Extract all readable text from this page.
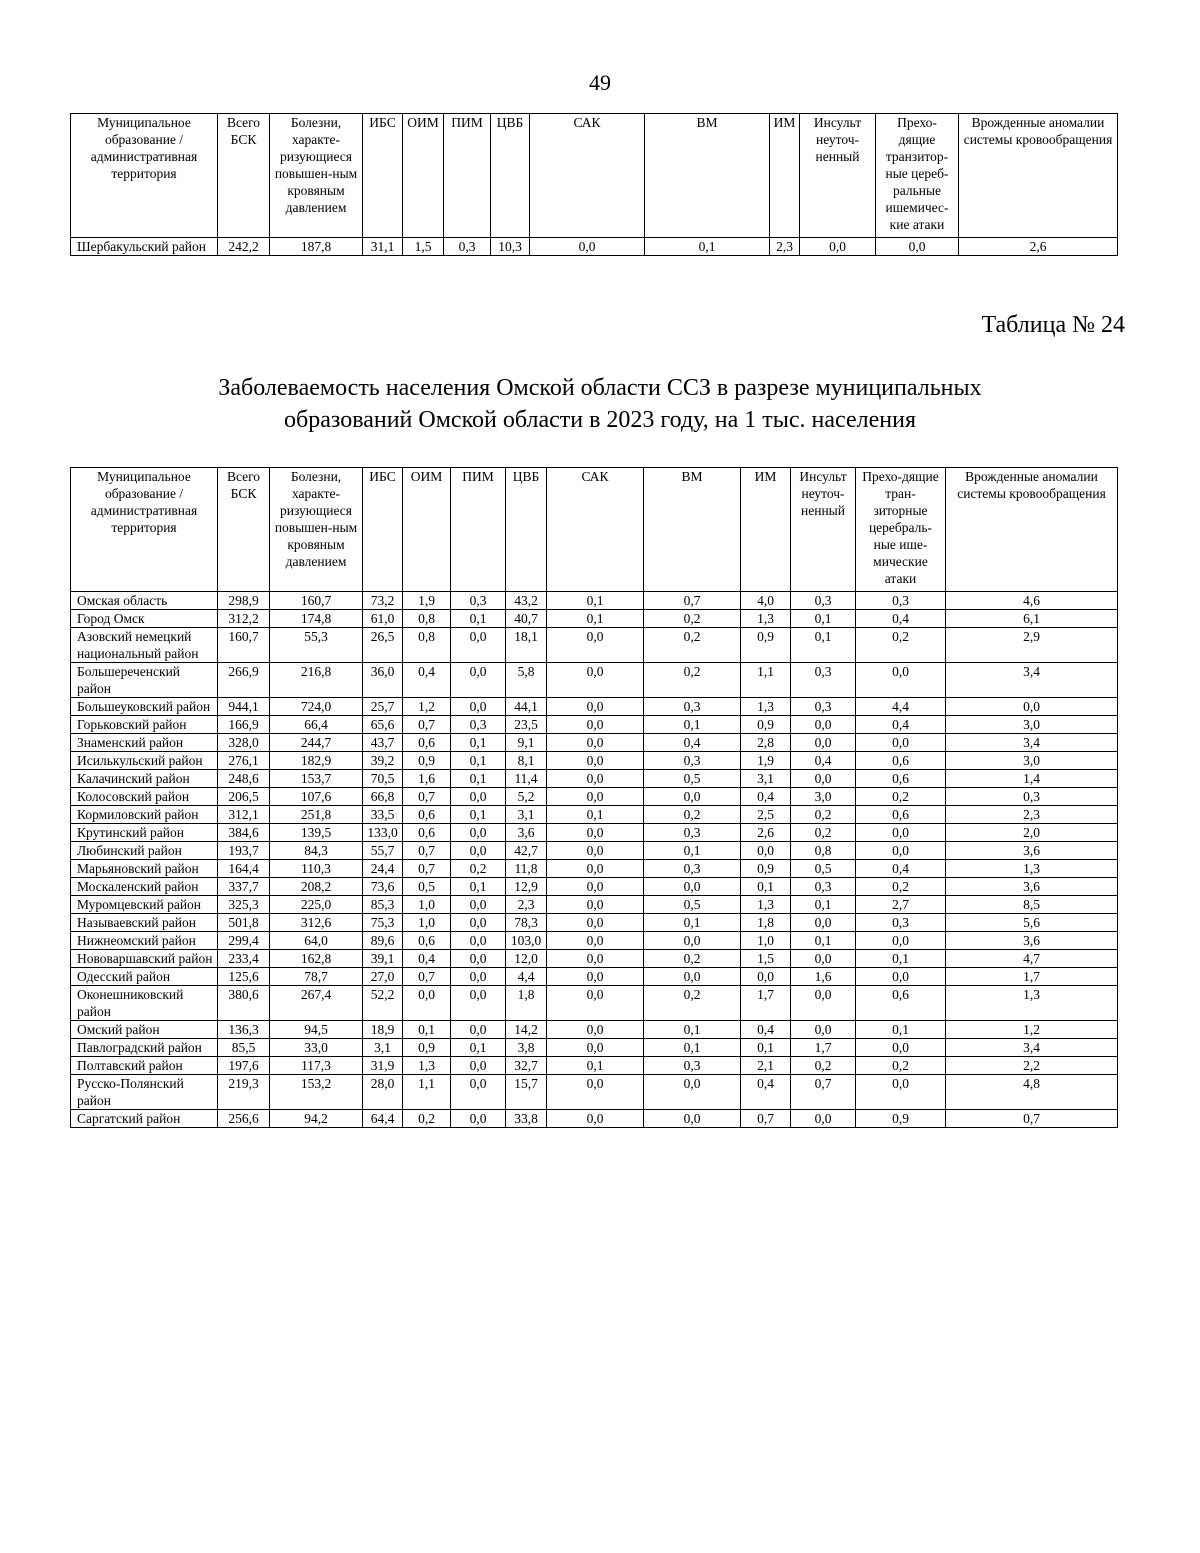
49
Муниципальное образование / административная территория	Всего БСК	Болезни, характе-ризующиеся повышен-ным кровяным давлением	ИБС	ОИМ	ПИМ	ЦВБ	САК	ВМ	ИМ	Инсульт неуточ-ненный	Прехо-дящие транзитор-ные цереб-ральные ишемичес-кие атаки	Врожденные аномалии системы кровообращения
Шербакульский район	242,2	187,8	31,1	1,5	0,3	10,3	0,0	0,1	2,3	0,0	0,0	2,6
Таблица № 24
Заболеваемость населения Омской области ССЗ в разрезе муниципальных
образований Омской области в 2023 году, на 1 тыс. населения
Муниципальное образование / административная территория	Всего БСК	Болезни, характе-ризующиеся повышен-ным кровяным давлением	ИБС	ОИМ	ПИМ	ЦВБ	САК	ВМ	ИМ	Инсульт неуточ-ненный	Прехо-дящие тран-зиторные церебраль-ные ише-мические атаки	Врожденные аномалии системы кровообращения
Омская область	298,9	160,7	73,2	1,9	0,3	43,2	0,1	0,7	4,0	0,3	0,3	4,6
Город Омск	312,2	174,8	61,0	0,8	0,1	40,7	0,1	0,2	1,3	0,1	0,4	6,1
Азовский немецкий национальный район	160,7	55,3	26,5	0,8	0,0	18,1	0,0	0,2	0,9	0,1	0,2	2,9
Большереченский район	266,9	216,8	36,0	0,4	0,0	5,8	0,0	0,2	1,1	0,3	0,0	3,4
Большеуковский район	944,1	724,0	25,7	1,2	0,0	44,1	0,0	0,3	1,3	0,3	4,4	0,0
Горьковский район	166,9	66,4	65,6	0,7	0,3	23,5	0,0	0,1	0,9	0,0	0,4	3,0
Знаменский район	328,0	244,7	43,7	0,6	0,1	9,1	0,0	0,4	2,8	0,0	0,0	3,4
Исилькульский район	276,1	182,9	39,2	0,9	0,1	8,1	0,0	0,3	1,9	0,4	0,6	3,0
Калачинский район	248,6	153,7	70,5	1,6	0,1	11,4	0,0	0,5	3,1	0,0	0,6	1,4
Колосовский район	206,5	107,6	66,8	0,7	0,0	5,2	0,0	0,0	0,4	3,0	0,2	0,3
Кормиловский район	312,1	251,8	33,5	0,6	0,1	3,1	0,1	0,2	2,5	0,2	0,6	2,3
Крутинский район	384,6	139,5	133,0	0,6	0,0	3,6	0,0	0,3	2,6	0,2	0,0	2,0
Любинский район	193,7	84,3	55,7	0,7	0,0	42,7	0,0	0,1	0,0	0,8	0,0	3,6
Марьяновский район	164,4	110,3	24,4	0,7	0,2	11,8	0,0	0,3	0,9	0,5	0,4	1,3
Москаленский район	337,7	208,2	73,6	0,5	0,1	12,9	0,0	0,0	0,1	0,3	0,2	3,6
Муромцевский район	325,3	225,0	85,3	1,0	0,0	2,3	0,0	0,5	1,3	0,1	2,7	8,5
Называевский район	501,8	312,6	75,3	1,0	0,0	78,3	0,0	0,1	1,8	0,0	0,3	5,6
Нижнеомский район	299,4	64,0	89,6	0,6	0,0	103,0	0,0	0,0	1,0	0,1	0,0	3,6
Нововаршавский район	233,4	162,8	39,1	0,4	0,0	12,0	0,0	0,2	1,5	0,0	0,1	4,7
Одесский район	125,6	78,7	27,0	0,7	0,0	4,4	0,0	0,0	0,0	1,6	0,0	1,7
Оконешниковский район	380,6	267,4	52,2	0,0	0,0	1,8	0,0	0,2	1,7	0,0	0,6	1,3
Омский район	136,3	94,5	18,9	0,1	0,0	14,2	0,0	0,1	0,4	0,0	0,1	1,2
Павлоградский район	85,5	33,0	3,1	0,9	0,1	3,8	0,0	0,1	0,1	1,7	0,0	3,4
Полтавский район	197,6	117,3	31,9	1,3	0,0	32,7	0,1	0,3	2,1	0,2	0,2	2,2
Русско-Полянский район	219,3	153,2	28,0	1,1	0,0	15,7	0,0	0,0	0,4	0,7	0,0	4,8
Саргатский район	256,6	94,2	64,4	0,2	0,0	33,8	0,0	0,0	0,7	0,0	0,9	0,7
